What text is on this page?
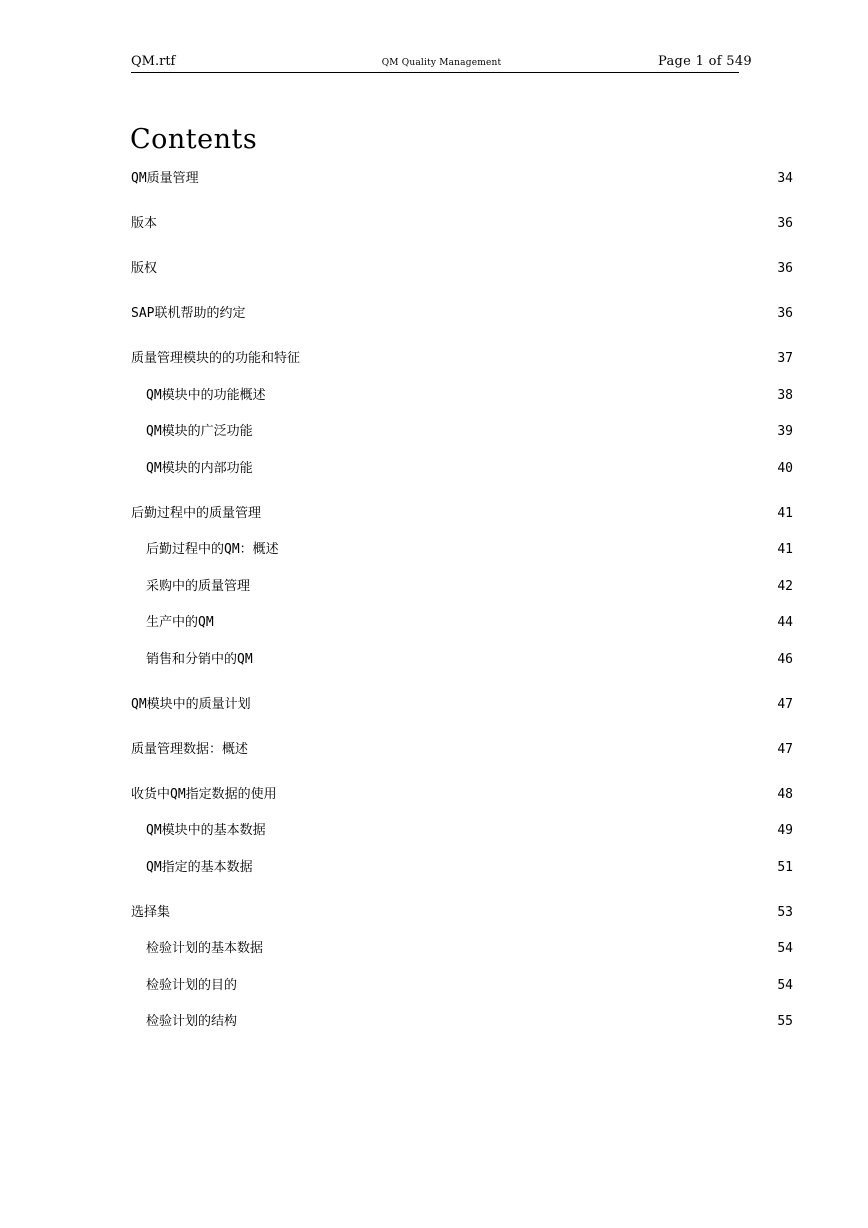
QM.rtf	QM Quality Management	Page 1 of 549
Contents
QM质量管理	34
版本	36
版权	36
SAP联机帮助的约定	36
质量管理模块的的功能和特征	37
QM模块中的功能概述	38
QM模块的广泛功能	39
QM模块的内部功能	40
后勤过程中的质量管理	41
后勤过程中的QM：概述	41
采购中的质量管理	42
生产中的QM	44
销售和分销中的QM	46
QM模块中的质量计划	47
质量管理数据：概述	47
收货中QM指定数据的使用	48
QM模块中的基本数据	49
QM指定的基本数据	51
选择集	53
检验计划的基本数据	54
检验计划的目的	54
检验计划的结构	55
